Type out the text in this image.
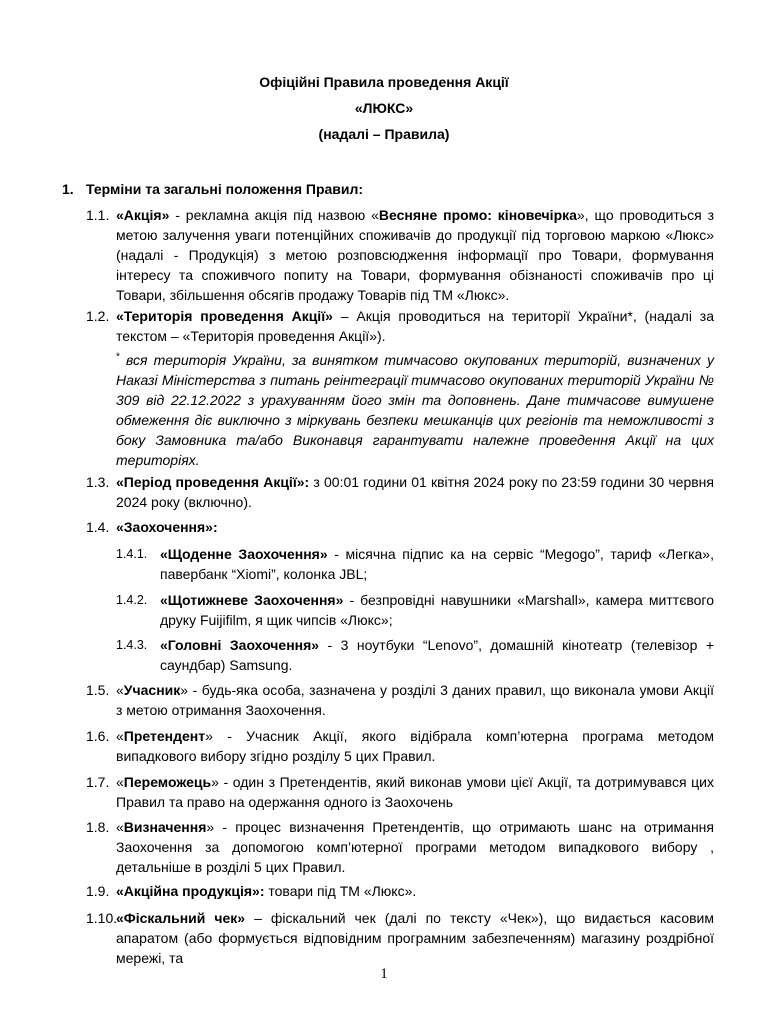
Офіційні Правила проведення Акції
«ЛЮКС»
(надалі – Правила)
1. Терміни та загальні положення Правил:
1.1. «Акція» - рекламна акція під назвою «Весняне промо: кіновечірка», що проводиться з метою залучення уваги потенційних споживачів до продукції під торговою маркою «Люкс» (надалі - Продукція) з метою розповсюдження інформації про Товари, формування інтересу та споживчого попиту на Товари, формування обізнаності споживачів про ці Товари, збільшення обсягів продажу Товарів під ТМ «Люкс».
1.2. «Територія проведення Акції» – Акція проводиться на території України*, (надалі за текстом – «Територія проведення Акції»).
* вся територія України, за винятком тимчасово окупованих територій, визначених у Наказі Міністерства з питань реінтеграції тимчасово окупованих територій України № 309 від 22.12.2022 з урахуванням його змін та доповнень. Дане тимчасове вимушене обмеження діє виключно з міркувань безпеки мешканців цих регіонів та неможливості з боку Замовника та/або Виконавця гарантувати належне проведення Акції на цих територіях.
1.3. «Період проведення Акції»: з 00:01 години 01 квітня 2024 року по 23:59 години 30 червня 2024 року (включно).
1.4. «Заохочення»:
1.4.1. «Щоденне Заохочення» - місячна підпис ка на сервіс “Megogo”, тариф «Легка», павербанк “Xiomi”, колонка JBL;
1.4.2. «Щотижневе Заохочення» - безпровідні навушники «Marshall», камера миттєвого друку Fuijifilm, я щик чипсів «Люкс»;
1.4.3. «Головні Заохочення» - 3 ноутбуки “Lenovo”, домашній кінотеатр (телевізор + саундбар) Samsung.
1.5. «Учасник» - будь-яка особа, зазначена у розділі 3 даних правил, що виконала умови Акції з метою отримання Заохочення.
1.6. «Претендент» - Учасник Акції, якого відібрала комп’ютерна програма методом випадкового вибору згідно розділу 5 цих Правил.
1.7. «Переможець» - один з Претендентів, який виконав умови цієї Акції, та дотримувався цих Правил та право на одержання одного із Заохочень
1.8. «Визначення» - процес визначення Претендентів, що отримають шанс на отримання Заохочення за допомогою комп’ютерної програми методом випадкового вибору , детальніше в розділі 5 цих Правил.
1.9. «Акційна продукція»: товари під ТМ «Люкс».
1.10.
«Фіскальний чек» – фіскальний чек (далі по тексту «Чек»), що видається касовим апаратом (або формується відповідним програмним забезпеченням) магазину роздрібної мережі, та
1
